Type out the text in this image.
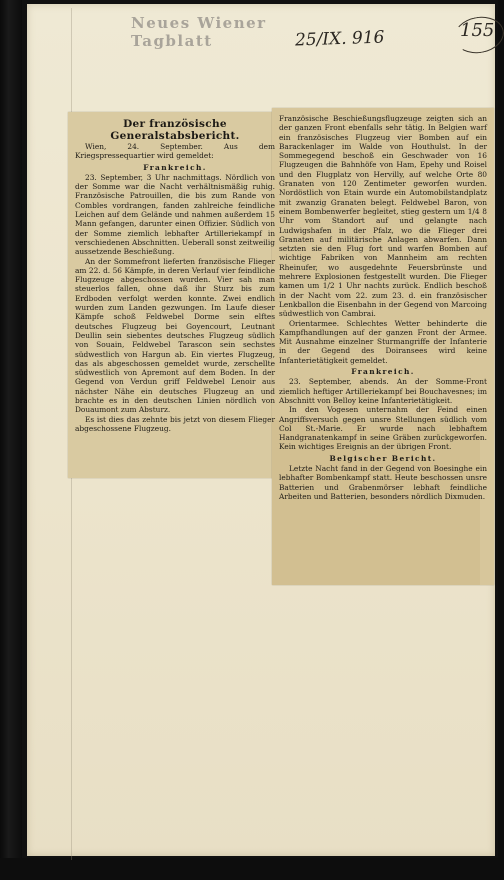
Neues Wiener Tagblatt	25/IX. 916	155

Der französische Generalstabsbericht.

Wien, 24. September. Aus dem Kriegspressequartier wird gemeldet:

Frankreich.

23. September, 3 Uhr nachmittags. Nördlich von der Somme war die Nacht verhältnismäßig ruhig. Französische Patrouillen, die bis zum Rande von Combles vordrangen, fanden zahlreiche feindliche Leichen auf dem Gelände und nahmen außerdem 15 Mann gefangen, darunter einen Offizier. Südlich von der Somme ziemlich lebhafter Artilleriekampf in verschiedenen Abschnitten. Ueberall sonst zeitweilig aussetzende Beschießung.

An der Sommefront lieferten französische Flieger am 22. d. 56 Kämpfe, in deren Verlauf vier feindliche Flugzeuge abgeschossen wurden. Vier sah man steuerlos fallen, ohne daß ihr Sturz bis zum Erdboden verfolgt werden konnte. Zwei endlich wurden zum Landen gezwungen. Im Laufe dieser Kämpfe schoß Feldwebel Dorme sein elftes deutsches Flugzeug bei Goyencourt, Leutnant Deullin sein siebentes deutsches Flugzeug südlich von Souain, Feldwebel Tarascon sein sechstes südwestlich von Hargun ab. Ein viertes Flugzeug, das als abgeschossen gemeldet wurde, zerschellte südwestlich von Apremont auf dem Boden. In der Gegend von Verdun griff Feldwebel Lenoir aus nächster Nähe ein deutsches Flugzeug an und brachte es in den deutschen Linien nördlich von Douaumont zum Absturz.

Es ist dies das zehnte bis jetzt von diesem Flieger abgeschossene Flugzeug.

Französische Beschießungsflugzeuge zeigten sich an der ganzen Front ebenfalls sehr tätig. In Belgien warf ein französisches Flugzeug vier Bomben auf ein Barackenlager im Walde von Houthulst. In der Sommegegend beschoß ein Geschwader von 16 Flugzeugen die Bahnhöfe von Ham, Epehy und Roisel und den Flugplatz von Hervilly, auf welche Orte 80 Granaten von 120 Zentimeter geworfen wurden. Nordöstlich von Etain wurde ein Automobilstandplatz mit zwanzig Granaten belegt. Feldwebel Baron, von einem Bombenwerfer begleitet, stieg gestern um 1/4 8 Uhr vom Standort auf und gelangte nach Ludwigshafen in der Pfalz, wo die Flieger drei Granaten auf militärische Anlagen abwarfen. Dann setzten sie den Flug fort und warfen Bomben auf wichtige Fabriken von Mannheim am rechten Rheinufer, wo ausgedehnte Feuersbrünste und mehrere Explosionen festgestellt wurden. Die Flieger kamen um 1/2 1 Uhr nachts zurück. Endlich beschoß in der Nacht vom 22. zum 23. d. ein französischer Lenkballon die Eisenbahn in der Gegend von Marcoing südwestlich von Cambrai.

Orientarmee. Schlechtes Wetter behinderte die Kampfhandlungen auf der ganzen Front der Armee. Mit Ausnahme einzelner Sturmangriffe der Infanterie in der Gegend des Doiransees wird keine Infanterietätigkeit gemeldet.

Frankreich.

23. September, abends. An der Somme-Front ziemlich heftiger Artilleriekampf bei Bouchavesnes; im Abschnitt von Belloy keine Infanterietätigkeit.

In den Vogesen unternahm der Feind einen Angriffsversuch gegen unsre Stellungen südlich vom Col St.-Marie. Er wurde nach lebhaftem Handgranatenkampf in seine Gräben zurückgeworfen. Kein wichtiges Ereignis an der übrigen Front.

Belgischer Bericht.

Letzte Nacht fand in der Gegend von Boesinghe ein lebhafter Bombenkampf statt. Heute beschossen unsre Batterien und Grabenmörser lebhaft feindliche Arbeiten und Batterien, besonders nördlich Dixmuden.
